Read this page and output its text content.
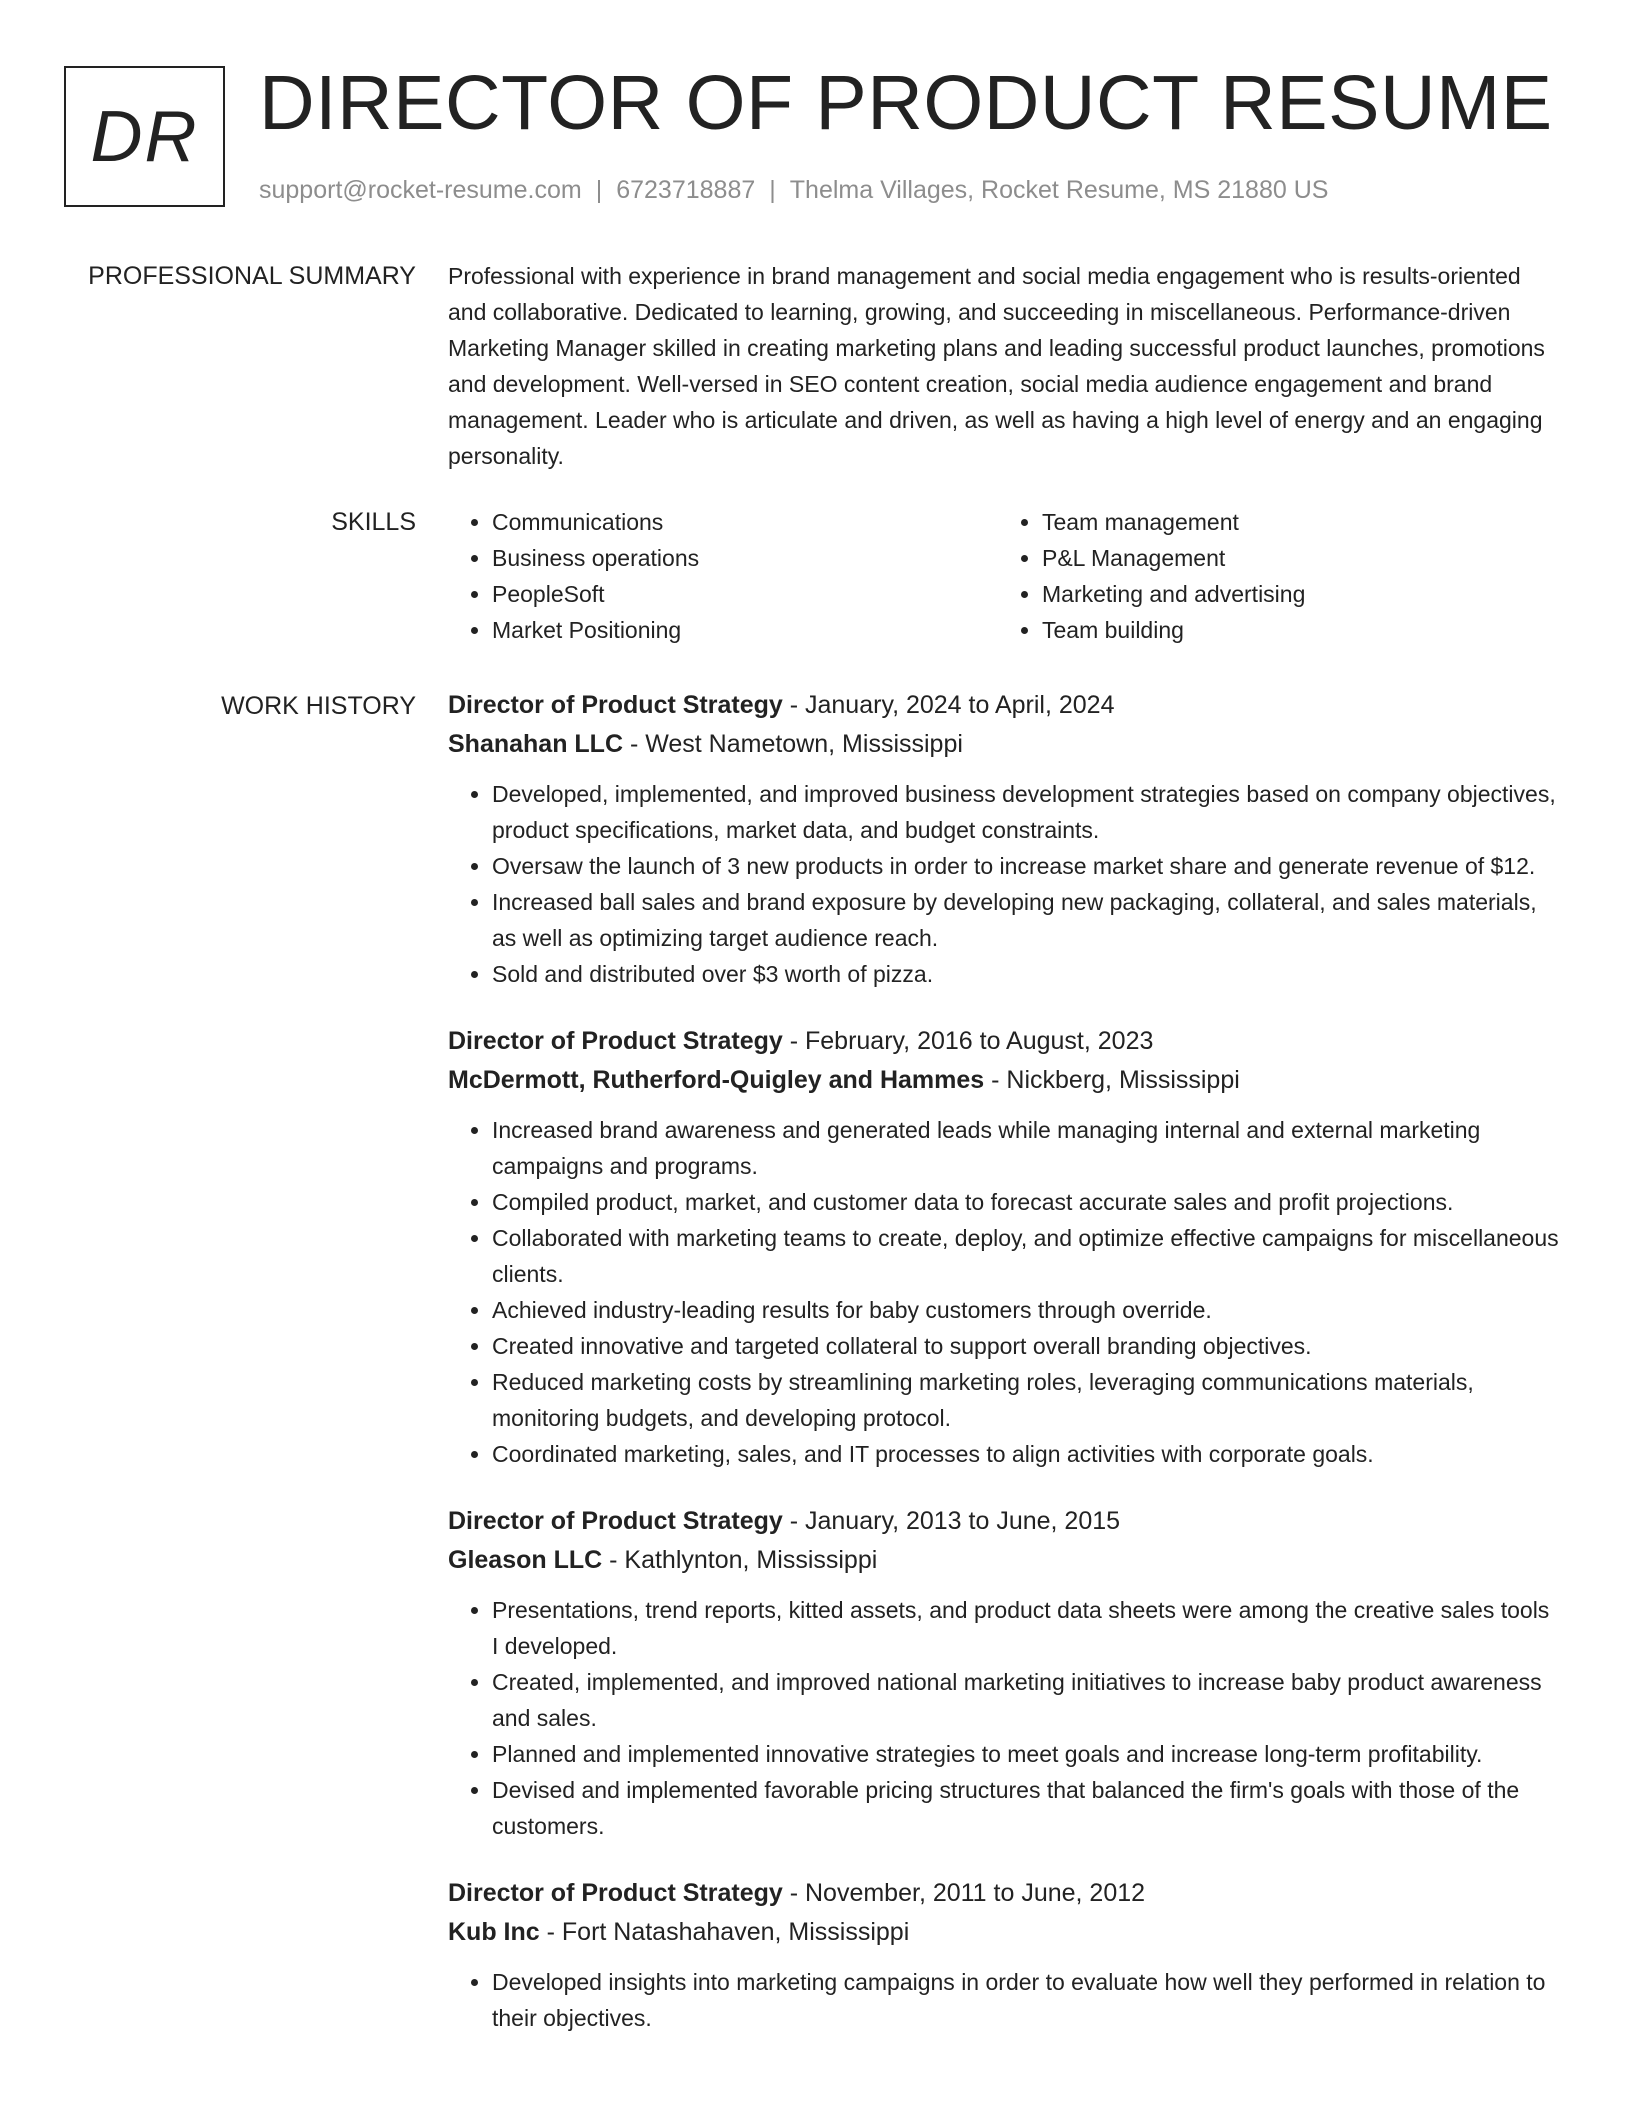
DR DIRECTOR OF PRODUCT RESUME
support@rocket-resume.com | 6723718887 | Thelma Villages, Rocket Resume, MS 21880 US
PROFESSIONAL SUMMARY Professional with experience in brand management and social media engagement who is results-oriented and collaborative. Dedicated to learning, growing, and succeeding in miscellaneous. Performance-driven Marketing Manager skilled in creating marketing plans and leading successful product launches, promotions and development. Well-versed in SEO content creation, social media audience engagement and brand management. Leader who is articulate and driven, as well as having a high level of energy and an engaging personality.

SKILLS
•	Communications
• Business operations
• PeopleSoft
• Market Positioning
• Team management
• P&L Management
• Marketing and advertising
• Team building
WORK HISTORY Director of Product Strategy - January, 2024 to April, 2024
Shanahan LLC - West Nametown, Mississippi
• Developed, implemented, and improved business development strategies based on company objectives, product specifications, market data, and budget constraints.
• Oversaw the launch of 3 new products in order to increase market share and generate revenue of $12.
• Increased ball sales and brand exposure by developing new packaging, collateral, and sales materials, as well as optimizing target audience reach.
• Sold and distributed over $3 worth of pizza.
Director of Product Strategy - February, 2016 to August, 2023
McDermott, Rutherford-Quigley and Hammes - Nickberg, Mississippi
• Increased brand awareness and generated leads while managing internal and external marketing campaigns and programs.
• Compiled product, market, and customer data to forecast accurate sales and profit projections.
• Collaborated with marketing teams to create, deploy, and optimize effective campaigns for miscellaneous clients.
• Achieved industry-leading results for baby customers through override.
• Created innovative and targeted collateral to support overall branding objectives.
• Reduced marketing costs by streamlining marketing roles, leveraging communications materials, monitoring budgets, and developing protocol.
• Coordinated marketing, sales, and IT processes to align activities with corporate goals.
Director of Product Strategy - January, 2013 to June, 2015
Gleason LLC - Kathlynton, Mississippi
• Presentations, trend reports, kitted assets, and product data sheets were among the creative sales tools I developed.
• Created, implemented, and improved national marketing initiatives to increase baby product awareness and sales.
• Planned and implemented innovative strategies to meet goals and increase long-term profitability.
• Devised and implemented favorable pricing structures that balanced the firm's goals with those of the customers.
Director of Product Strategy - November, 2011 to June, 2012
Kub Inc - Fort Natashahaven, Mississippi
• Developed insights into marketing campaigns in order to evaluate how well they performed in relation to their objectives.
